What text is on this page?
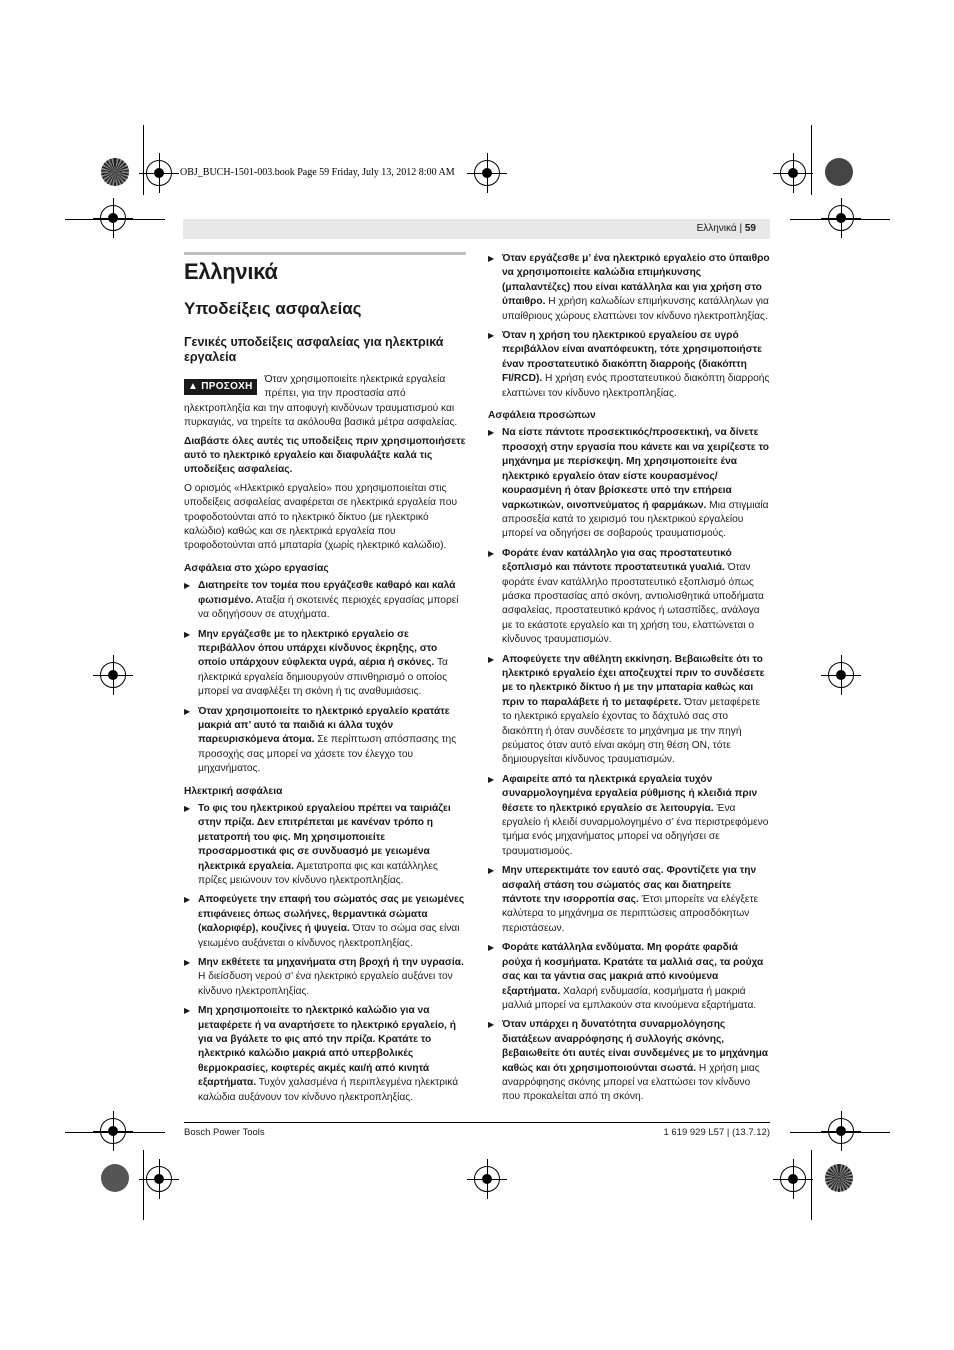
OBJ_BUCH-1501-003.book Page 59 Friday, July 13, 2012 8:00 AM
Ελληνικά | 59
Ελληνικά
Υποδείξεις ασφαλείας
Γενικές υποδείξεις ασφαλείας για ηλεκτρικά εργαλεία

▲ ΠΡΟΣΟΧΗ
Όταν χρησιμοποιείτε ηλεκτρικά εργαλεία πρέπει, για την προστασία από ηλεκτροπληξία και την αποφυγή κινδύνων τραυματισμού και πυρκαγιάς, να τηρείτε τα ακόλουθα βασικά μέτρα ασφαλείας.

Διαβάστε όλες αυτές τις υποδείξεις πριν χρησιμοποιήσετε αυτό το ηλεκτρικό εργαλείο και διαφυλάξτε καλά τις υποδείξεις ασφαλείας.

Ο ορισμός «Ηλεκτρικό εργαλείο» που χρησιμοποιείται στις υποδείξεις ασφαλείας αναφέρεται σε ηλεκτρικά εργαλεία που τροφοδοτούνται από το ηλεκτρικό δίκτυο (με ηλεκτρικό καλώδιο) καθώς και σε ηλεκτρικά εργαλεία που τροφοδοτούνται από μπαταρία (χωρίς ηλεκτρικό καλώδιο).

Ασφάλεια στο χώρο εργασίας
▶ Διατηρείτε τον τομέα που εργάζεσθε καθαρό και καλά φωτισμένο. Αταξία ή σκοτεινές περιοχές εργασίας μπορεί να οδηγήσουν σε ατυχήματα.
▶ Μην εργάζεσθε με το ηλεκτρικό εργαλείο σε περιβάλλον όπου υπάρχει κίνδυνος έκρηξης, στο οποίο υπάρχουν εύφλεκτα υγρά, αέρια ή σκόνες. Τα ηλεκτρικά εργαλεία δημιουργούν σπινθηρισμό ο οποίος μπορεί να αναφλέξει τη σκόνη ή τις αναθυμιάσεις.
▶ Όταν χρησιμοποιείτε το ηλεκτρικό εργαλείο κρατάτε μακριά απ’ αυτό τα παιδιά κι άλλα τυχόν παρευρισκόμενα άτομα. Σε περίπτωση απόσπασης της προσοχής σας μπορεί να χάσετε τον έλεγχο του μηχανήματος.
Ηλεκτρική ασφάλεια
▶ Το φις του ηλεκτρικού εργαλείου πρέπει να ταιριάζει στην πρίζα. Δεν επιτρέπεται με κανέναν τρόπο η μετατροπή του φις. Μη χρησιμοποιείτε προσαρμοστικά φις σε συνδυασμό με γειωμένα ηλεκτρικά εργαλεία. Αμετατροπα φις και κατάλληλες πρίζες μειώνουν τον κίνδυνο ηλεκτροπληξίας.
▶ Αποφεύγετε την επαφή του σώματός σας με γειωμένες επιφάνειες όπως σωλήνες, θερμαντικά σώματα (καλοριφέρ), κουζίνες ή ψυγεία. Όταν το σώμα σας είναι γειωμένο αυξάνεται ο κίνδυνος ηλεκτροπληξίας.
▶ Μην εκθέτετε τα μηχανήματα στη βροχή ή την υγρασία. Η διείσδυση νερού σ’ ένα ηλεκτρικό εργαλείο αυξάνει τον κίνδυνο ηλεκτροπληξίας.
▶ Μη χρησιμοποιείτε το ηλεκτρικό καλώδιο για να μεταφέρετε ή να αναρτήσετε το ηλεκτρικό εργαλείο, ή για να βγάλετε το φις από την πρίζα. Κρατάτε το ηλεκτρικό καλώδιο μακριά από υπερβολικές θερμοκρασίες, κοφτερές ακμές και/ή από κινητά εξαρτήματα. Τυχόν χαλασμένα ή περιπλεγμένα ηλεκτρικά καλώδια αυξάνουν τον κίνδυνο ηλεκτροπληξίας.
▶ Όταν εργάζεσθε μ’ ένα ηλεκτρικό εργαλείο στο ύπαιθρο να χρησιμοποιείτε καλώδια επιμήκυνσης (μπαλαντέζες) που είναι κατάλληλα και για χρήση στο ύπαιθρο. Η χρήση καλωδίων επιμήκυνσης κατάλληλων για υπαίθριους χώρους ελαττώνει τον κίνδυνο ηλεκτροπληξίας.
▶ Όταν η χρήση του ηλεκτρικού εργαλείου σε υγρό περιβάλλον είναι αναπόφευκτη, τότε χρησιμοποιήστε έναν προστατευτικό διακόπτη διαρροής (διακόπτη FI/RCD). Η χρήση ενός προστατευτικού διακόπτη διαρροής ελαττώνει τον κίνδυνο ηλεκτροπληξίας.
Ασφάλεια προσώπων
▶ Να είστε πάντοτε προσεκτικός/προσεκτική, να δίνετε προσοχή στην εργασία που κάνετε και να χειρίζεστε το μηχάνημα με περίσκεψη. Μη χρησιμοποιείτε ένα ηλεκτρικό εργαλείο όταν είστε κουρασμένος/κουρασμένη ή όταν βρίσκεστε υπό την επήρεια ναρκωτικών, οινοπνεύματος ή φαρμάκων. Μια στιγμιαία απροσεξία κατά το χειρισμό του ηλεκτρικού εργαλείου μπορεί να οδηγήσει σε σοβαρούς τραυματισμούς.
▶ Φοράτε έναν κατάλληλο για σας προστατευτικό εξοπλισμό και πάντοτε προστατευτικά γυαλιά. Όταν φοράτε έναν κατάλληλο προστατευτικό εξοπλισμό όπως μάσκα προστασίας από σκόνη, αντιολισθητικά υποδήματα ασφαλείας, προστατευτικό κράνος ή ωτασπίδες, ανάλογα με το εκάστοτε εργαλείο και τη χρήση του, ελαττώνεται ο κίνδυνος τραυματισμών.
▶ Αποφεύγετε την αθέλητη εκκίνηση. Βεβαιωθείτε ότι το ηλεκτρικό εργαλείο έχει αποζευχτεί πριν το συνδέσετε με το ηλεκτρικό δίκτυο ή με την μπαταρία καθώς και πριν το παραλάβετε ή το μεταφέρετε. Όταν μεταφέρετε το ηλεκτρικό εργαλείο έχοντας το δάχτυλό σας στο διακόπτη ή όταν συνδέσετε το μηχάνημα με την πηγή ρεύματος όταν αυτό είναι ακόμη στη θέση ON, τότε δημιουργείται κίνδυνος τραυματισμών.
▶ Αφαιρείτε από τα ηλεκτρικά εργαλεία τυχόν συναρμολογημένα εργαλεία ρύθμισης ή κλειδιά πριν θέσετε το ηλεκτρικό εργαλείο σε λειτουργία. Ένα εργαλείο ή κλειδί συναρμολογημένο σ’ ένα περιστρεφόμενο τμήμα ενός μηχανήματος μπορεί να οδηγήσει σε τραυματισμούς.
▶ Μην υπερεκτιμάτε τον εαυτό σας. Φροντίζετε για την ασφαλή στάση του σώματός σας και διατηρείτε πάντοτε την ισορροπία σας. Έτσι μπορείτε να ελέγξετε καλύτερα το μηχάνημα σε περιπτώσεις απροσδόκητων περιστάσεων.
▶ Φοράτε κατάλληλα ενδύματα. Μη φοράτε φαρδιά ρούχα ή κοσμήματα. Κρατάτε τα μαλλιά σας, τα ρούχα σας και τα γάντια σας μακριά από κινούμενα εξαρτήματα. Χαλαρή ενδυμασία, κοσμήματα ή μακριά μαλλιά μπορεί να εμπλακούν στα κινούμενα εξαρτήματα.
▶ Όταν υπάρχει η δυνατότητα συναρμολόγησης διατάξεων αναρρόφησης ή συλλογής σκόνης, βεβαιωθείτε ότι αυτές είναι συνδεμένες με το μηχάνημα καθώς και ότι χρησιμοποιούνται σωστά. Η χρήση μιας αναρρόφησης σκόνης μπορεί να ελαττώσει τον κίνδυνο που προκαλείται από τη σκόνη.
Bosch Power Tools	1 619 929 L57 | (13.7.12)
